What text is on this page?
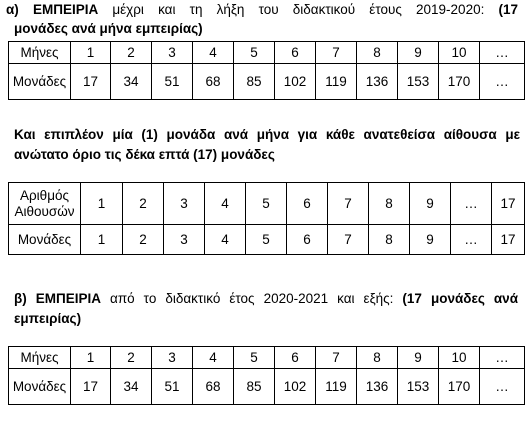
α) ΕΜΠΕΙΡΙΑ μέχρι και τη λήξη του διδακτικού έτους 2019-2020: (17
μονάδες ανά μήνα εμπειρίας)
Μήνες	1	2	3	4	5	6	7	8	9	10	…
Μονάδες	17	34	51	68	85	102	119	136	153	170	…
Και επιπλέον μία (1) μονάδα ανά μήνα για κάθε ανατεθείσα αίθουσα με
ανώτατο όριο τις δέκα επτά (17) μονάδες
Αριθμός
Αιθουσών	1	2	3	4	5	6	7	8	9	…	17
Μονάδες	1	2	3	4	5	6	7	8	9	…	17
β) ΕΜΠΕΙΡΙΑ από το διδακτικό έτος 2020-2021 και εξής: (17 μονάδες ανά
εμπειρίας)
Μήνες	1	2	3	4	5	6	7	8	9	10	…
Μονάδες	17	34	51	68	85	102	119	136	153	170	…
